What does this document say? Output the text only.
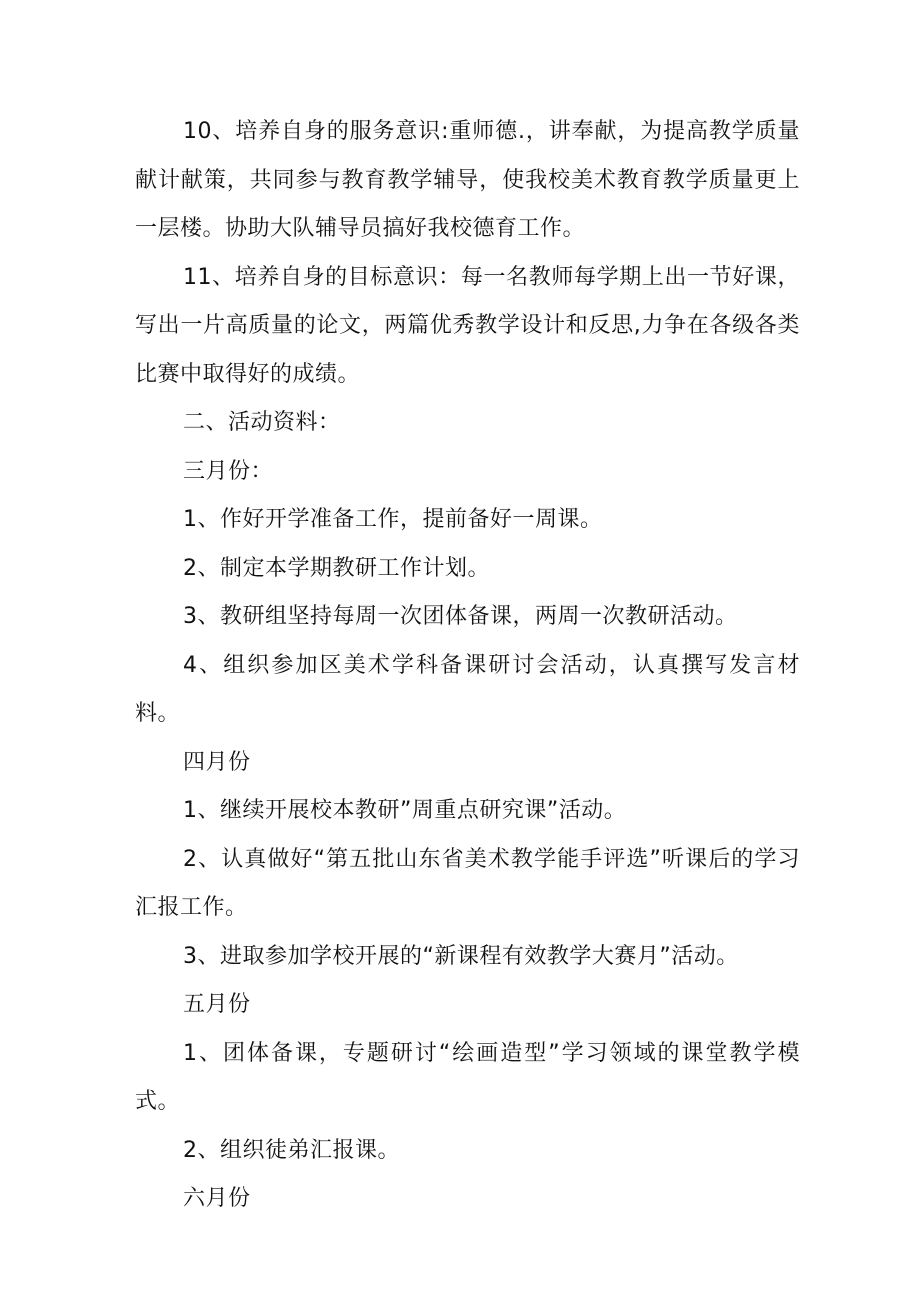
10、培养自身的服务意识:重师德.，讲奉献，为提高教学质量献计献策，共同参与教育教学辅导，使我校美术教育教学质量更上一层楼。协助大队辅导员搞好我校德育工作。

11、培养自身的目标意识：每一名教师每学期上出一节好课，写出一片高质量的论文，两篇优秀教学设计和反思,力争在各级各类比赛中取得好的成绩。

二、活动资料：

三月份：

1、作好开学准备工作，提前备好一周课。

2、制定本学期教研工作计划。

3、教研组坚持每周一次团体备课，两周一次教研活动。

4、组织参加区美术学科备课研讨会活动，认真撰写发言材料。

四月份

1、继续开展校本教研”周重点研究课”活动。

2、认真做好“第五批山东省美术教学能手评选”听课后的学习汇报工作。

3、进取参加学校开展的“新课程有效教学大赛月”活动。

五月份

1、团体备课，专题研讨“绘画造型”学习领域的课堂教学模式。

2、组织徒弟汇报课。

六月份
